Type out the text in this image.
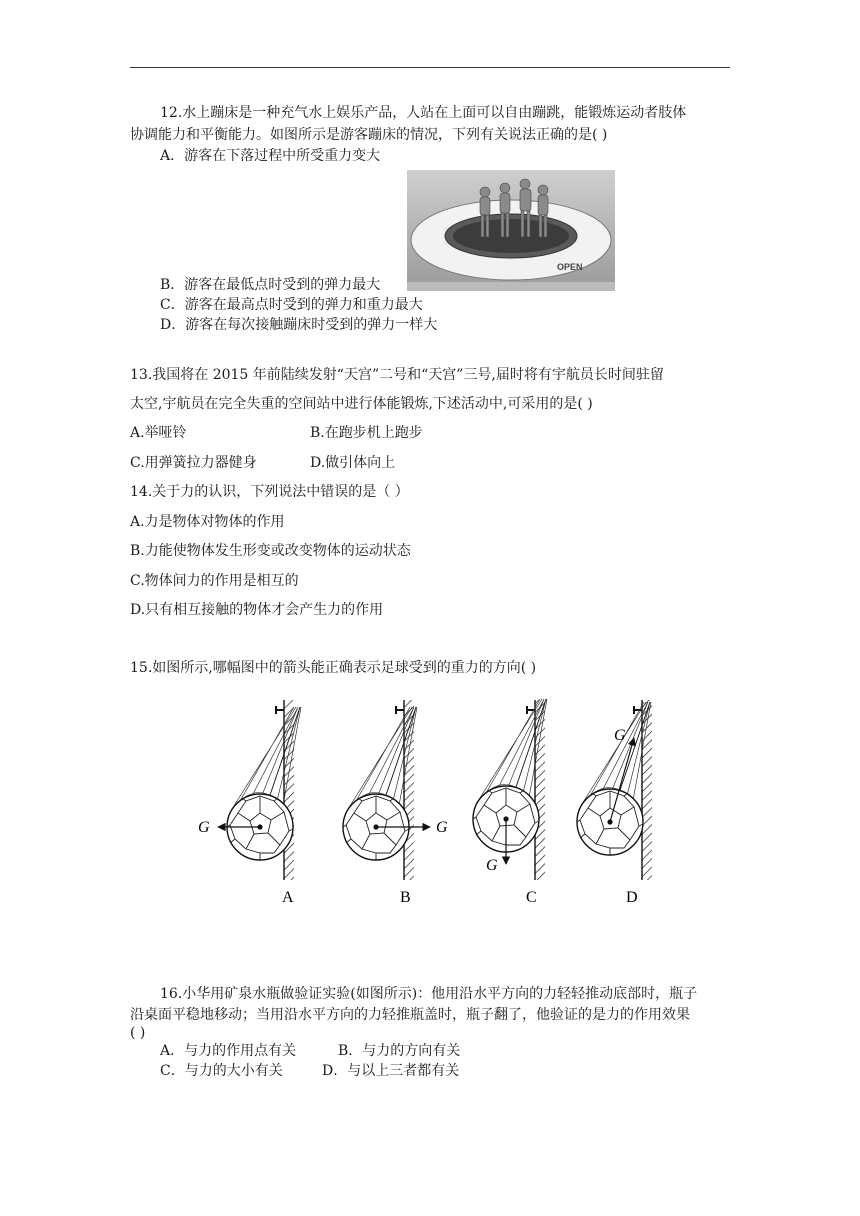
12.水上蹦床是一种充气水上娱乐产品，人站在上面可以自由蹦跳，能锻炼运动者肢体
协调能力和平衡能力。如图所示是游客蹦床的情况，下列有关说法正确的是( )
A．游客在下落过程中所受重力变大
OPEN
B．游客在最低点时受到的弹力最大
C．游客在最高点时受到的弹力和重力最大
D．游客在每次接触蹦床时受到的弹力一样大
13.我国将在 2015 年前陆续发射“天宫”二号和“天宫”三号,届时将有宇航员长时间驻留
太空,宇航员在完全失重的空间站中进行体能锻炼,下述活动中,可采用的是( )
A.举哑铃	B.在跑步机上跑步
C.用弹簧拉力器健身	D.做引体向上
14.关于力的认识，下列说法中错误的是（ ）
A.力是物体对物体的作用
B.力能使物体发生形变或改变物体的运动状态
C.物体间力的作用是相互的
D.只有相互接触的物体才会产生力的作用
15.如图所示,哪幅图中的箭头能正确表示足球受到的重力的方向( )
G
A
G
B
G
C
G
D
16.小华用矿泉水瓶做验证实验(如图所示)：他用沿水平方向的力轻轻推动底部时，瓶子
沿桌面平稳地移动；当用沿水平方向的力轻推瓶盖时，瓶子翻了，他验证的是力的作用效果
( )
A．与力的作用点有关	B．与力的方向有关
C．与力的大小有关	D．与以上三者都有关
